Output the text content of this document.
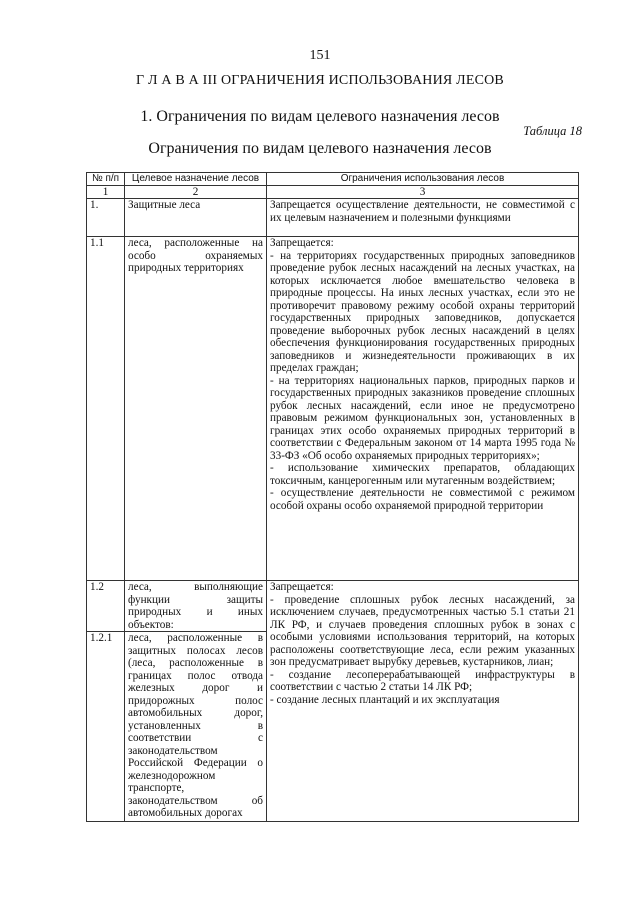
151
Г Л А В А III ОГРАНИЧЕНИЯ ИСПОЛЬЗОВАНИЯ ЛЕСОВ
1. Ограничения по видам целевого назначения лесов
Таблица 18
Ограничения по видам целевого назначения лесов
№ п/п	Целевое назначение лесов	Ограничения использования лесов
1	2	3
1.	Защитные леса	Запрещается осуществление деятельности, не совместимой с их целевым назначением и полезными функциями
1.1	леса, расположенные на особо охраняемых природных территориях	Запрещается:
- на территориях государственных природных заповедников проведение рубок лесных насаждений на лесных участках, на которых исключается любое вмешательство человека в природные процессы. На иных лесных участках, если это не противоречит правовому режиму особой охраны территорий государственных природных заповедников, допускается проведение выборочных рубок лесных насаждений в целях обеспечения функционирования государственных природных заповедников и жизнедеятельности проживающих в их пределах граждан;
- на территориях национальных парков, природных парков и государственных природных заказников проведение сплошных рубок лесных насаждений, если иное не предусмотрено правовым режимом функциональных зон, установленных в границах этих особо охраняемых природных территорий в соответствии с Федеральным законом от 14 марта 1995 года № 33-ФЗ «Об особо охраняемых природных территориях»;
- использование химических препаратов, обладающих токсичным, канцерогенным или мутагенным воздействием;
- осуществление деятельности не совместимой с режимом особой охраны особо охраняемой природной территории
1.2	леса, выполняющие функции защиты природных и иных объектов:	Запрещается:
- проведение сплошных рубок лесных насаждений, за исключением случаев, предусмотренных частью 5.1 статьи 21 ЛК РФ, и случаев проведения сплошных рубок в зонах с особыми условиями использования территорий, на которых расположены соответствующие леса, если режим указанных зон предусматривает вырубку деревьев, кустарников, лиан;
- создание лесоперерабатывающей инфраструктуры в соответствии с частью 2 статьи 14 ЛК РФ;
- создание лесных плантаций и их эксплуатация
1.2.1	леса, расположенные в защитных полосах лесов (леса, расположенные в границах полос отвода железных дорог и придорожных полос автомобильных дорог, установленных в соответствии с законодательством Российской Федерации о железнодорожном транспорте, законодательством об автомобильных дорогах	
